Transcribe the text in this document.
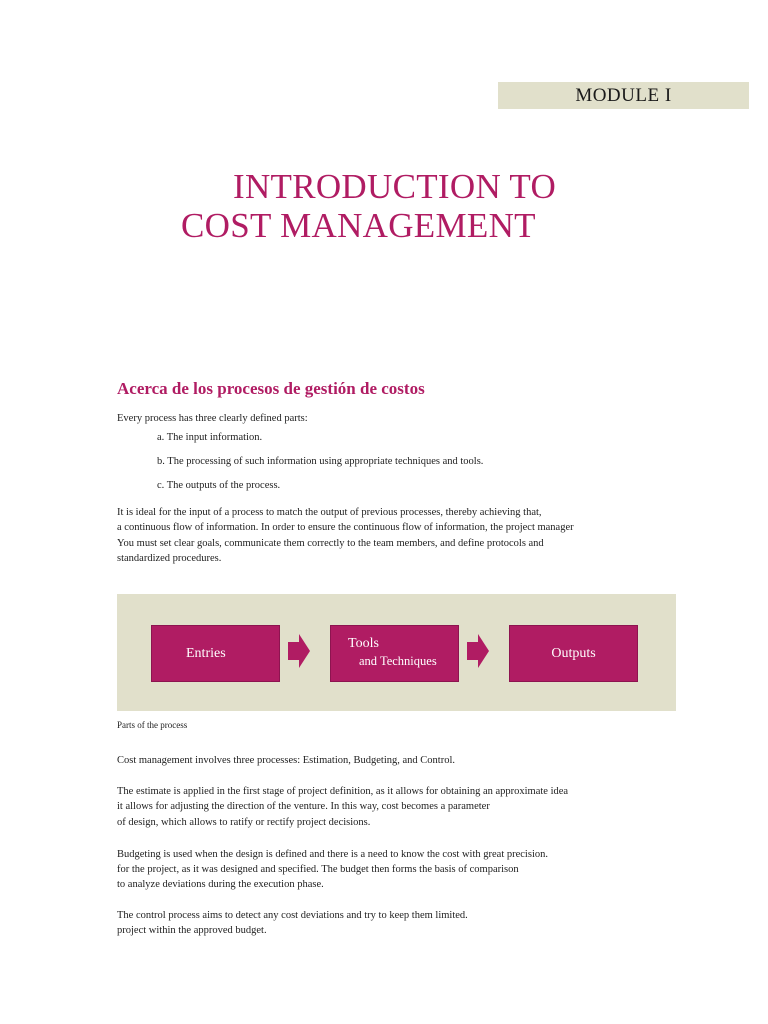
MODULE I
INTRODUCTION TO
COST MANAGEMENT
Acerca de los procesos de gestión de costos
Every process has three clearly defined parts:
a. The input information.
b. The processing of such information using appropriate techniques and tools.
c. The outputs of the process.
It is ideal for the input of a process to match the output of previous processes, thereby achieving that,
a continuous flow of information. In order to ensure the continuous flow of information, the project manager
You must set clear goals, communicate them correctly to the team members, and define protocols and
standardized procedures.
Entries
Tools
and Techniques	Outputs
Parts of the process
Cost management involves three processes: Estimation, Budgeting, and Control.
The estimate is applied in the first stage of project definition, as it allows for obtaining an approximate idea
it allows for adjusting the direction of the venture. In this way, cost becomes a parameter
of design, which allows to ratify or rectify project decisions.
Budgeting is used when the design is defined and there is a need to know the cost with great precision.
for the project, as it was designed and specified. The budget then forms the basis of comparison
to analyze deviations during the execution phase.
The control process aims to detect any cost deviations and try to keep them limited.
project within the approved budget.
